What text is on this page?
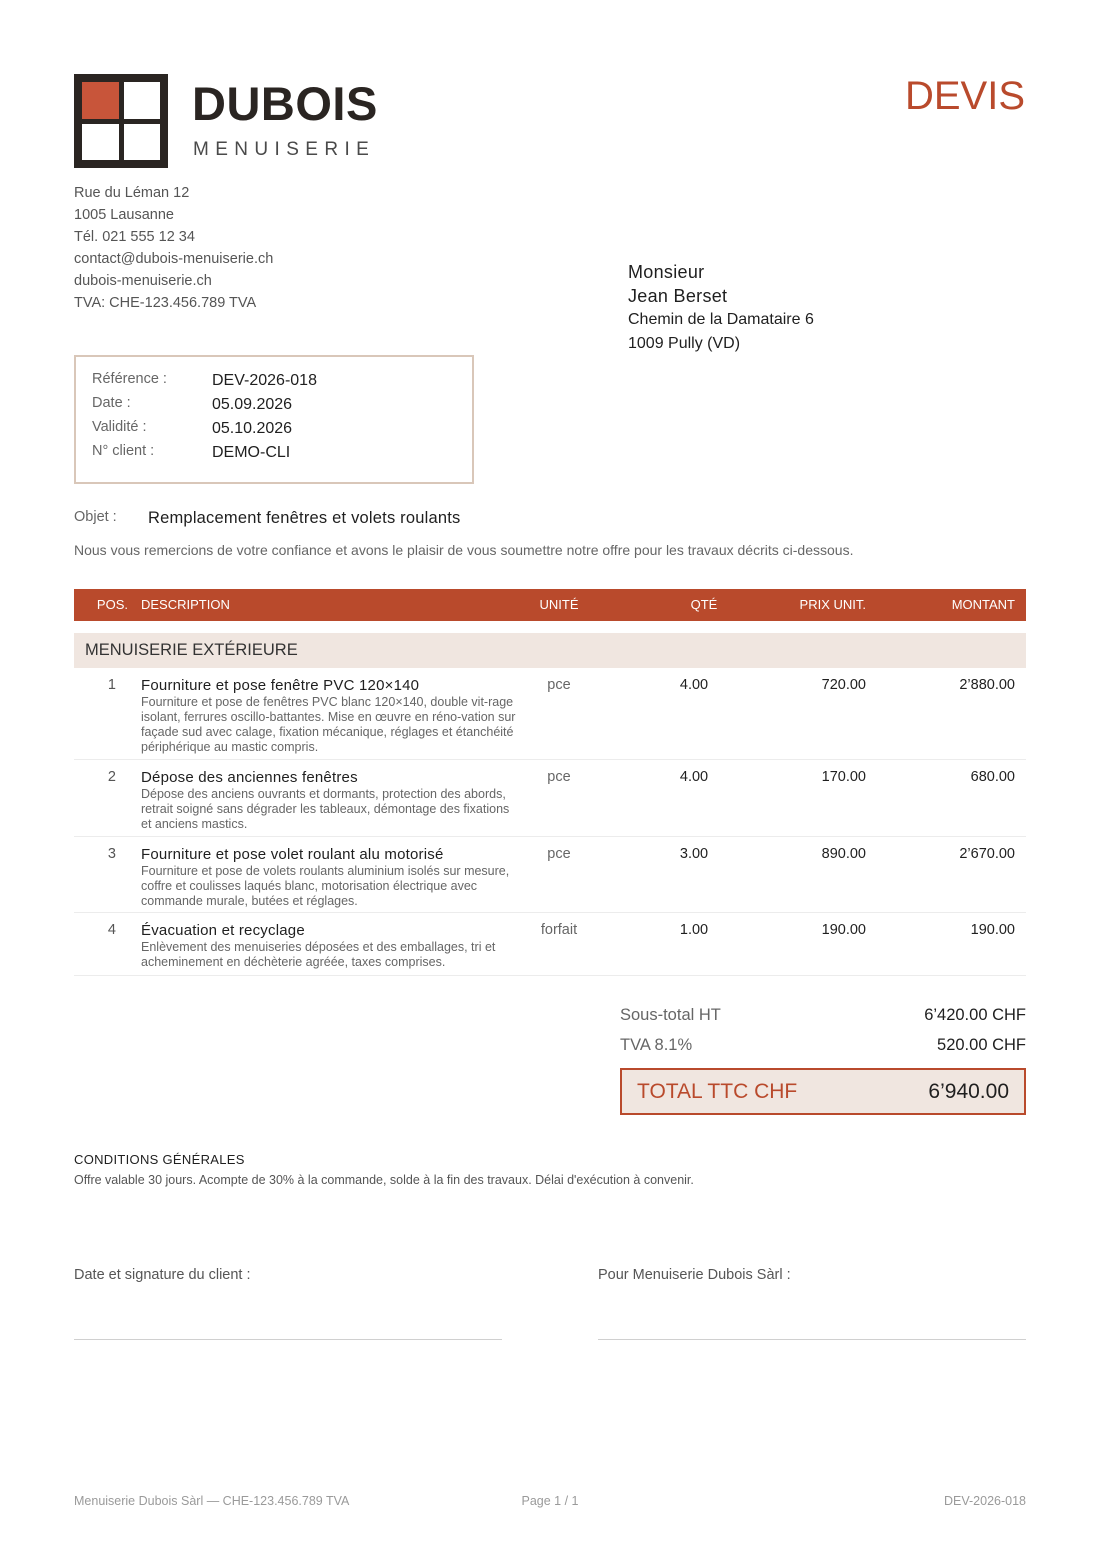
DUBOIS
MENUISERIE
DEVIS
Rue du Léman 12
1005 Lausanne
Tél. 021 555 12 34
contact@dubois-menuiserie.ch
dubois-menuiserie.ch
TVA: CHE-123.456.789 TVA
Monsieur
Jean Berset
Chemin de la Damataire 6
1009 Pully (VD)
Référence :	DEV-2026-018
Date :	05.09.2026
Validité :	05.10.2026
N° client :	DEMO-CLI
Objet : Remplacement fenêtres et volets roulants
Nous vous remercions de votre confiance et avons le plaisir de vous soumettre notre offre pour les travaux décrits ci-dessous.
POS. DESCRIPTION	UNITÉ	QTÉ	PRIX UNIT.	MONTANT
MENUISERIE EXTÉRIEURE
1 Fourniture et pose fenêtre PVC 120×140
Fourniture et pose de fenêtres PVC blanc 120×140, double vit-rage isolant, ferrures oscillo-battantes. Mise en œuvre en réno-vation sur façade sud avec calage, fixation mécanique, réglages et étanchéité périphérique au mastic compris.
pce	4.00	720.00	2’880.00
2 Dépose des anciennes fenêtres
Dépose des anciens ouvrants et dormants, protection des abords, retrait soigné sans dégrader les tableaux, démontage des fixations et anciens mastics.
pce	4.00	170.00	680.00
3 Fourniture et pose volet roulant alu motorisé
Fourniture et pose de volets roulants aluminium isolés sur mesure, coffre et coulisses laqués blanc, motorisation électrique avec commande murale, butées et réglages.
pce	3.00	890.00	2’670.00
4 Évacuation et recyclage
Enlèvement des menuiseries déposées et des emballages, tri et acheminement en déchèterie agréée, taxes comprises.
forfait	1.00	190.00	190.00
Sous-total HT	6’420.00 CHF
TVA 8.1%	520.00 CHF
TOTAL TTC CHF	6’940.00
CONDITIONS GÉNÉRALES
Offre valable 30 jours. Acompte de 30% à la commande, solde à la fin des travaux. Délai d'exécution à convenir.
Date et signature du client :	Pour Menuiserie Dubois Sàrl :
Menuiserie Dubois Sàrl — CHE-123.456.789 TVA	Page 1 / 1	DEV-2026-018
